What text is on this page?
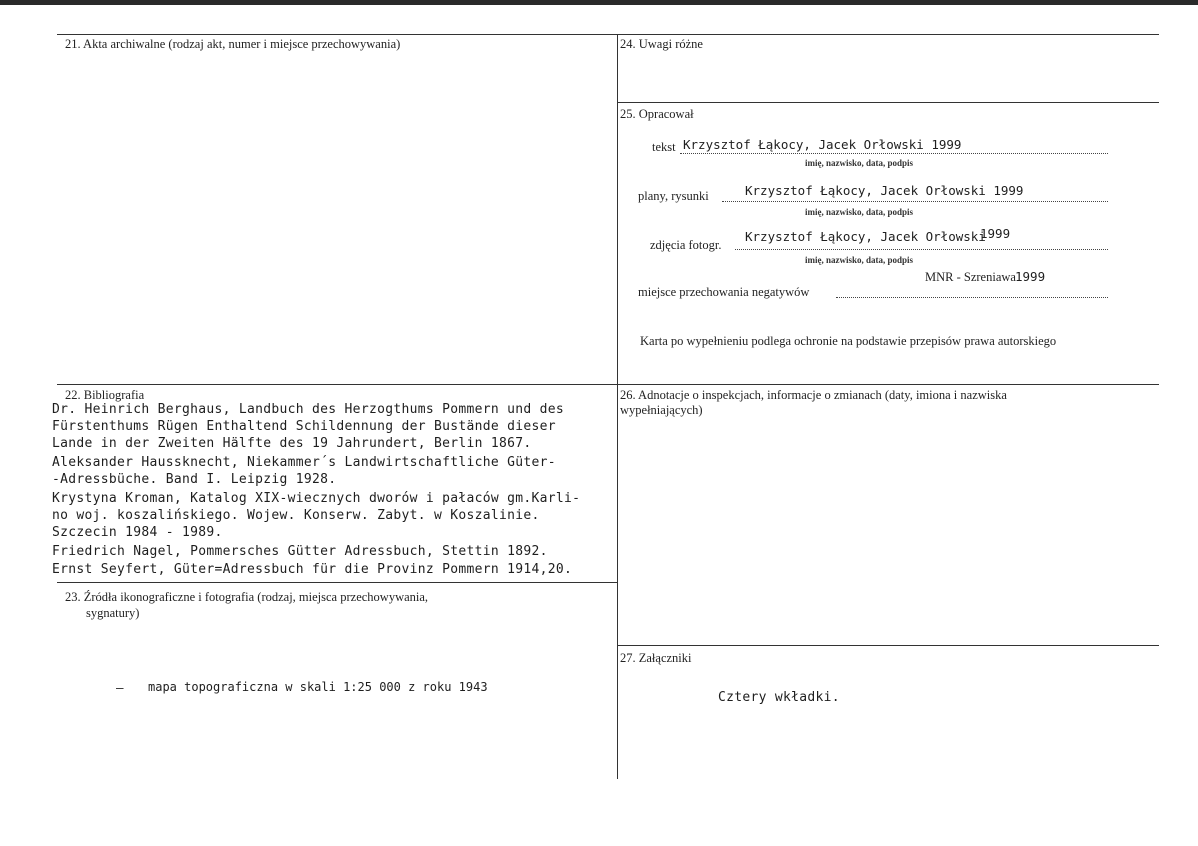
21. Akta archiwalne (rodzaj akt, numer i miejsce przechowywania)	24. Uwagi różne
25. Opracował
tekst Krzysztof Łąkocy, Jacek Orłowski 1999
imię, nazwisko, data, podpis
plany, rysunki	Krzysztof Łąkocy, Jacek Orłowski 1999
imię, nazwisko, data, podpis
zdjęcia fotogr.
Krzysztof Łąkocy, Jacek Orłowski
1999
imię, nazwisko, data, podpis
MNR - Szreniawa 1999
miejsce przechowania negatywów
Karta po wypełnieniu podlega ochronie na podstawie przepisów prawa autorskiego
22. Bibliografia
Dr. Heinrich Berghaus, Landbuch des Herzogthums Pommern und des
Fürstenthums Rügen Enthaltend Schildennung der Bustände dieser
Lande in der Zweiten Hälfte des 19 Jahrundert, Berlin 1867.
Aleksander Haussknecht, Niekammer´s Landwirtschaftliche Güter-
-Adressbüche. Band I. Leipzig 1928.
Krystyna Kroman, Katalog XIX-wiecznych dworów i pałaców gm.Karli-
no woj. koszalińskiego. Wojew. Konserw. Zabyt. w Koszalinie.
Szczecin 1984 - 1989.
Friedrich Nagel, Pommersches Gütter Adressbuch, Stettin 1892.
Ernst Seyfert, Güter=Adressbuch für die Provinz Pommern 1914,20.
23. Źródła ikonograficzne i fotografia (rodzaj, miejsca przechowywania,
sygnatury)
– mapa topograficzna w skali 1:25 000 z roku 1943
26. Adnotacje o inspekcjach, informacje o zmianach (daty, imiona i nazwiska wypełniających)
27. Załączniki
Cztery wkładki.
